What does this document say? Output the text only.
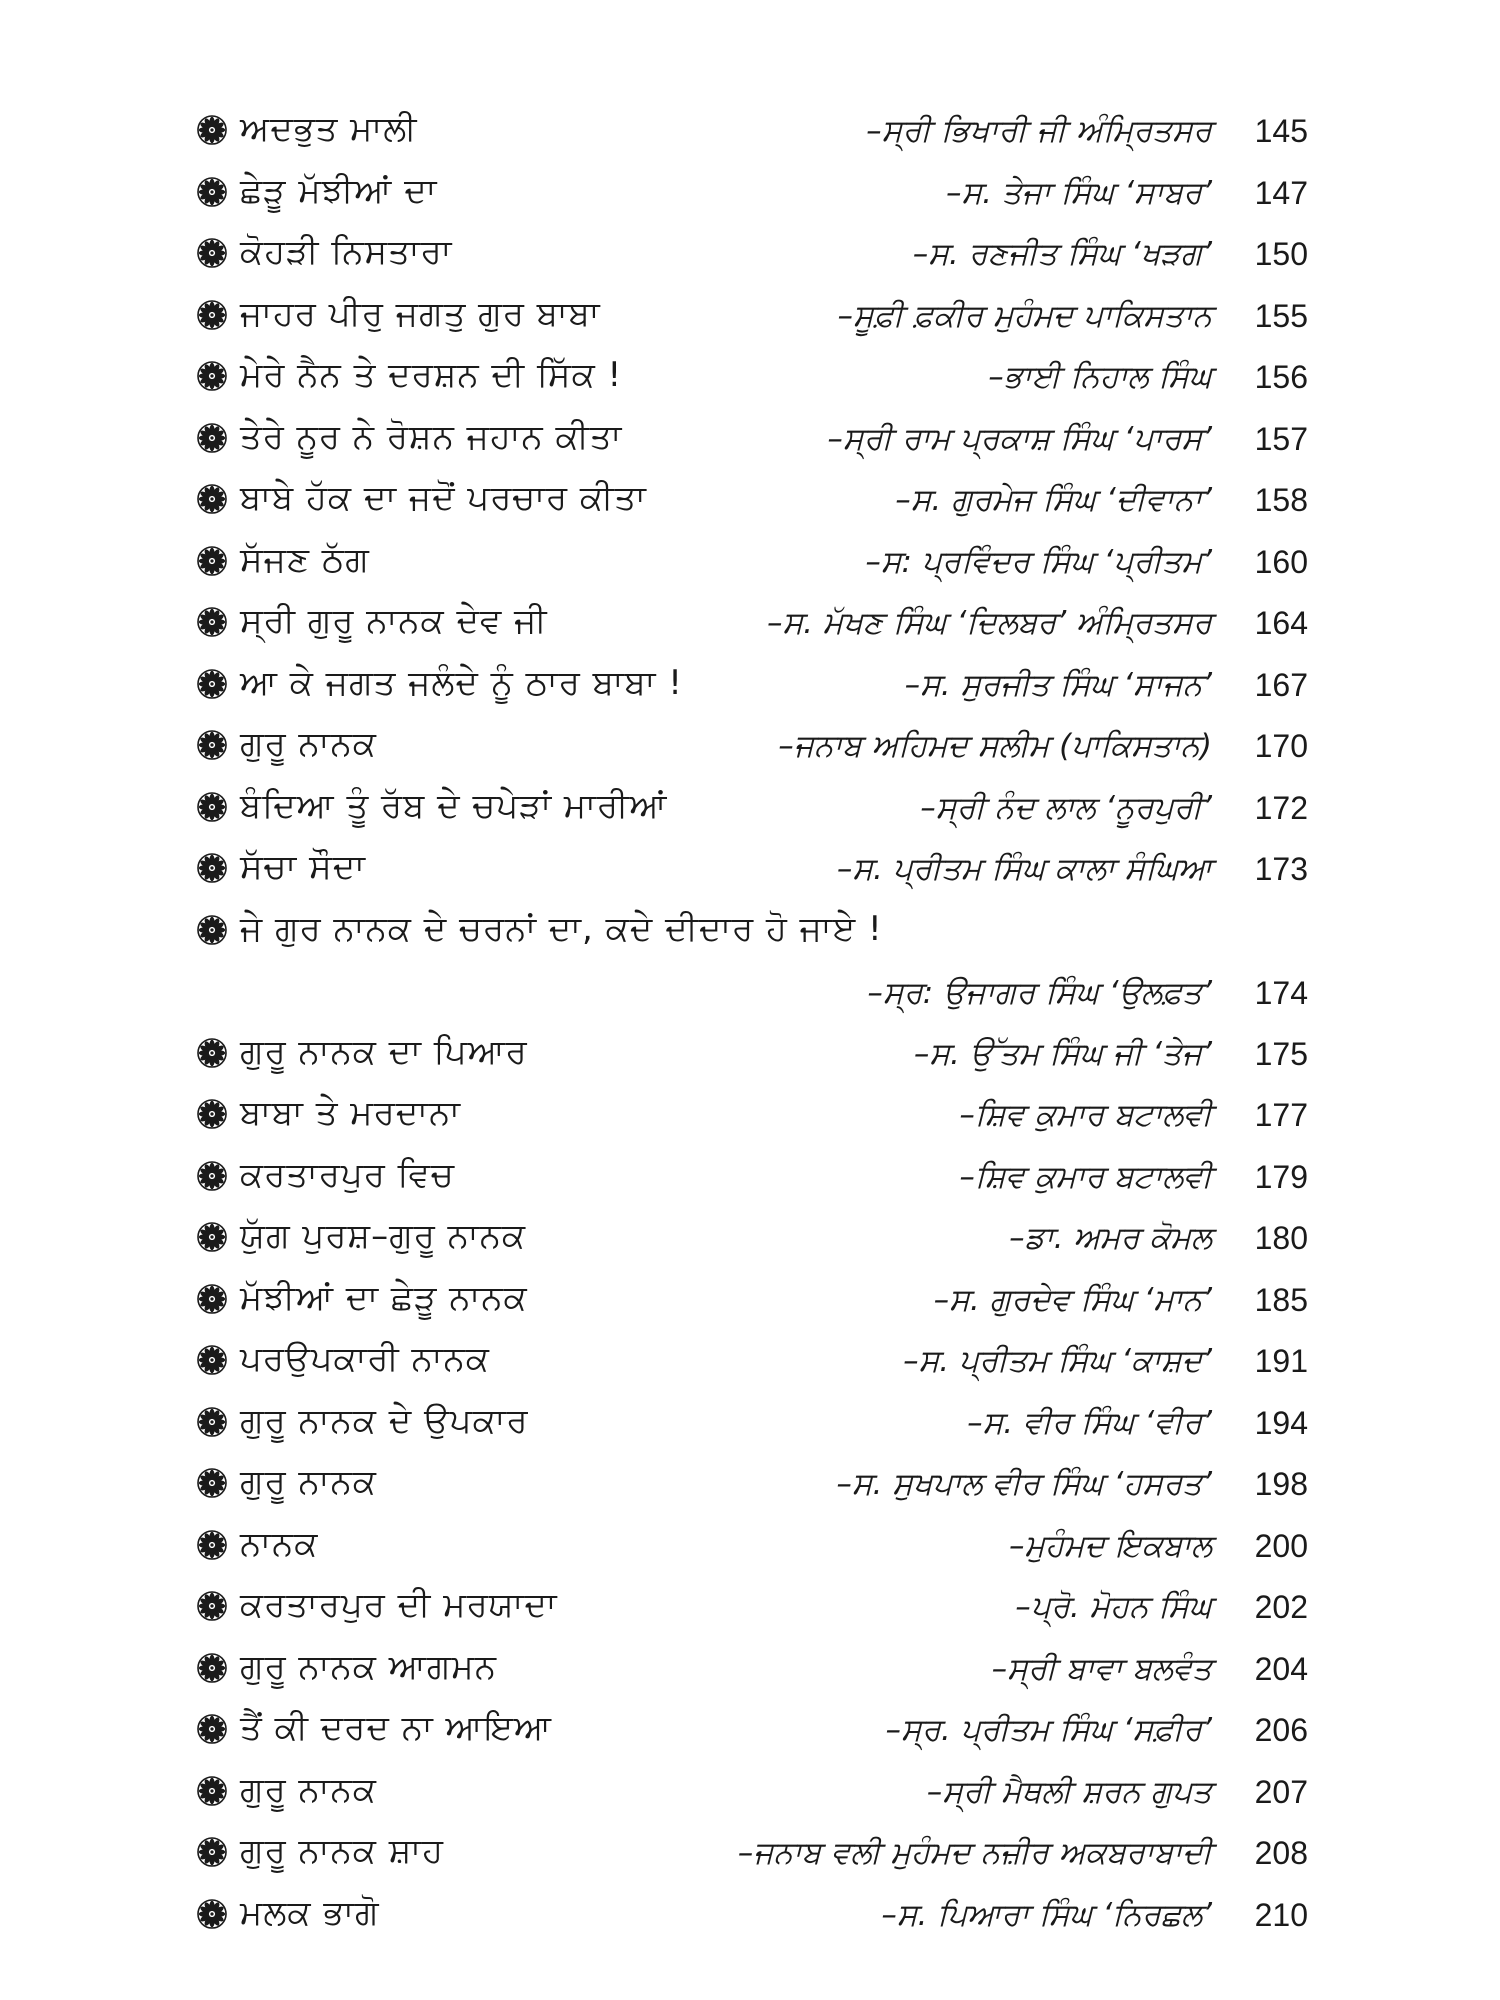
ਅਦਭੁਤ ਮਾਲੀ	–ਸ੍ਰੀ ਭਿਖਾਰੀ ਜੀ ਅੰਮ੍ਰਿਤਸਰ	145
ਛੇੜੂ ਮੱਝੀਆਂ ਦਾ	–ਸ. ਤੇਜਾ ਸਿੰਘ ‘ਸਾਬਰ’	147
ਕੋਹੜੀ ਨਿਸਤਾਰਾ	–ਸ. ਰਣਜੀਤ ਸਿੰਘ ‘ਖੜਗ’	150
ਜਾਹਰ ਪੀਰੁ ਜਗਤੁ ਗੁਰ ਬਾਬਾ	–ਸੂਫ਼ੀ ਫ਼ਕੀਰ ਮੁਹੰਮਦ ਪਾਕਿਸਤਾਨ	155
ਮੇਰੇ ਨੈਨ ਤੇ ਦਰਸ਼ਨ ਦੀ ਸਿੱਕ !	–ਭਾਈ ਨਿਹਾਲ ਸਿੰਘ	156
ਤੇਰੇ ਨੂਰ ਨੇ ਰੋਸ਼ਨ ਜਹਾਨ ਕੀਤਾ	–ਸ੍ਰੀ ਰਾਮ ਪ੍ਰਕਾਸ਼ ਸਿੰਘ ‘ਪਾਰਸ’	157
ਬਾਬੇ ਹੱਕ ਦਾ ਜਦੋਂ ਪਰਚਾਰ ਕੀਤਾ	–ਸ. ਗੁਰਮੇਜ ਸਿੰਘ ‘ਦੀਵਾਨਾ’	158
ਸੱਜਣ ਠੱਗ	–ਸ: ਪ੍ਰਵਿੰਦਰ ਸਿੰਘ ‘ਪ੍ਰੀਤਮ’	160
ਸ੍ਰੀ ਗੁਰੂ ਨਾਨਕ ਦੇਵ ਜੀ	–ਸ. ਮੱਖਣ ਸਿੰਘ ‘ਦਿਲਬਰ’ ਅੰਮ੍ਰਿਤਸਰ	164
ਆ ਕੇ ਜਗਤ ਜਲੰਦੇ ਨੂੰ ਠਾਰ ਬਾਬਾ !	–ਸ. ਸੁਰਜੀਤ ਸਿੰਘ ‘ਸਾਜਨ’	167
ਗੁਰੂ ਨਾਨਕ	–ਜਨਾਬ ਅਹਿਮਦ ਸਲੀਮ (ਪਾਕਿਸਤਾਨ)	170
ਬੰਦਿਆ ਤੂੰ ਰੱਬ ਦੇ ਚਪੇੜਾਂ ਮਾਰੀਆਂ	–ਸ੍ਰੀ ਨੰਦ ਲਾਲ ‘ਨੂਰਪੁਰੀ’	172
ਸੱਚਾ ਸੌਦਾ	–ਸ. ਪ੍ਰੀਤਮ ਸਿੰਘ ਕਾਲਾ ਸੰਘਿਆ	173
ਜੇ ਗੁਰ ਨਾਨਕ ਦੇ ਚਰਨਾਂ ਦਾ, ਕਦੇ ਦੀਦਾਰ ਹੋ ਜਾਏ !
–ਸ੍ਰ: ਉਜਾਗਰ ਸਿੰਘ ‘ਉਲਫ਼ਤ’	174
ਗੁਰੂ ਨਾਨਕ ਦਾ ਪਿਆਰ	–ਸ. ਉੱਤਮ ਸਿੰਘ ਜੀ ‘ਤੇਜ’	175
ਬਾਬਾ ਤੇ ਮਰਦਾਨਾ	–ਸ਼ਿਵ ਕੁਮਾਰ ਬਟਾਲਵੀ	177
ਕਰਤਾਰਪੁਰ ਵਿਚ	–ਸ਼ਿਵ ਕੁਮਾਰ ਬਟਾਲਵੀ	179
ਯੁੱਗ ਪੁਰਸ਼–ਗੁਰੂ ਨਾਨਕ	–ਡਾ. ਅਮਰ ਕੋਮਲ	180
ਮੱਝੀਆਂ ਦਾ ਛੇੜੂ ਨਾਨਕ	–ਸ. ਗੁਰਦੇਵ ਸਿੰਘ ‘ਮਾਨ’	185
ਪਰਉਪਕਾਰੀ ਨਾਨਕ	–ਸ. ਪ੍ਰੀਤਮ ਸਿੰਘ ‘ਕਾਸ਼ਦ’	191
ਗੁਰੂ ਨਾਨਕ ਦੇ ਉਪਕਾਰ	–ਸ. ਵੀਰ ਸਿੰਘ ‘ਵੀਰ’	194
ਗੁਰੂ ਨਾਨਕ	–ਸ. ਸੁਖਪਾਲ ਵੀਰ ਸਿੰਘ ‘ਹਸਰਤ’	198
ਨਾਨਕ	–ਮੁਹੰਮਦ ਇਕਬਾਲ	200
ਕਰਤਾਰਪੁਰ ਦੀ ਮਰਯਾਦਾ	–ਪ੍ਰੋ. ਮੋਹਨ ਸਿੰਘ	202
ਗੁਰੂ ਨਾਨਕ ਆਗਮਨ	–ਸ੍ਰੀ ਬਾਵਾ ਬਲਵੰਤ	204
ਤੈਂ ਕੀ ਦਰਦ ਨਾ ਆਇਆ	–ਸ੍ਰ. ਪ੍ਰੀਤਮ ਸਿੰਘ ‘ਸਫ਼ੀਰ’	206
ਗੁਰੂ ਨਾਨਕ	–ਸ੍ਰੀ ਮੈਥਲੀ ਸ਼ਰਨ ਗੁਪਤ	207
ਗੁਰੂ ਨਾਨਕ ਸ਼ਾਹ	–ਜਨਾਬ ਵਲੀ ਮੁਹੰਮਦ ਨਜ਼ੀਰ ਅਕਬਰਾਬਾਦੀ	208
ਮਲਕ ਭਾਗੋ	–ਸ. ਪਿਆਰਾ ਸਿੰਘ ‘ਨਿਰਛਲ’	210
